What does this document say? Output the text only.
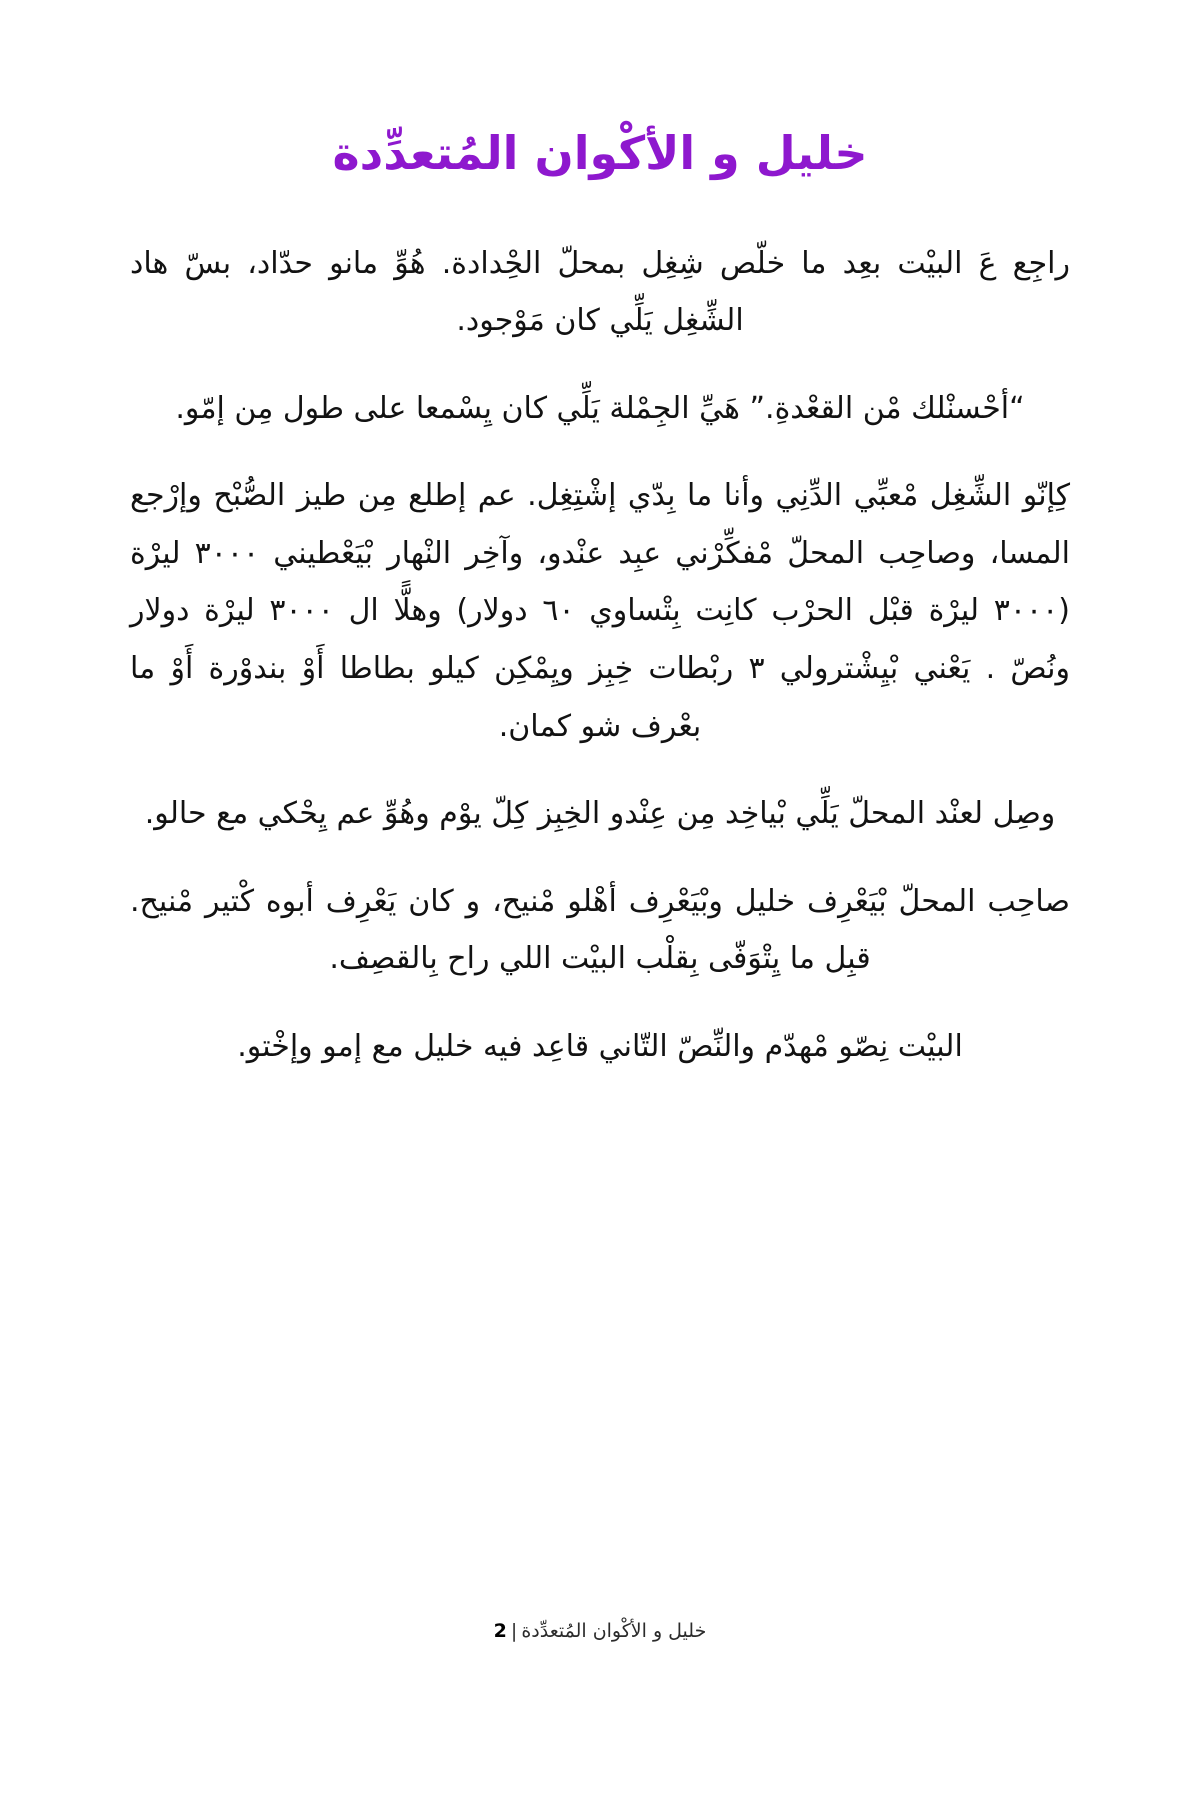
خليل و الأكْوان المُتعدِّدة

راجع ع البيت بعد ما خلص شغل بمحل الحدادة. هو مانو حداد، بس هاد الشغل يلي كان موجود.

“أحسنلك من القعدة.” هي الجملة يلي كان يسمعا على طول من إمو.

كإنو الشغل معبي الدني وأنا ما بدي إشتغل. عم إطلع من طيز الصبح وإرجع المسا، وصاحب المحل مفكرني عبد عندو، وآخر النهار بيعطيني ٣٠٠٠ ليرة (٣٠٠٠ ليرة قبل الحرب كانت بتساوي ٦٠ دولار) وهلا ال ٣٠٠٠ ليرة دولار ونص . يعني بيشترولي ٣ ربطات خبز ويمكن كيلو بطاطا أو بندورة أو ما بعرف شو كمان.

وصل لعند المحل يلي بياخد من عندو الخبز كل يوم وهو عم يحكي مع حالو.

صاحب المحل بيعرف خليل وبيعرف أهلو منيح، و كان يعرف أبوه كتير منيح. قبل ما يتوفى بقلب البيت اللي راح بالقصف.

البيت نصو مهدم والنص التاني قاعد فيه خليل مع إمو وإختو.

خليل و الأكْوان المُتعدِّدة|2
